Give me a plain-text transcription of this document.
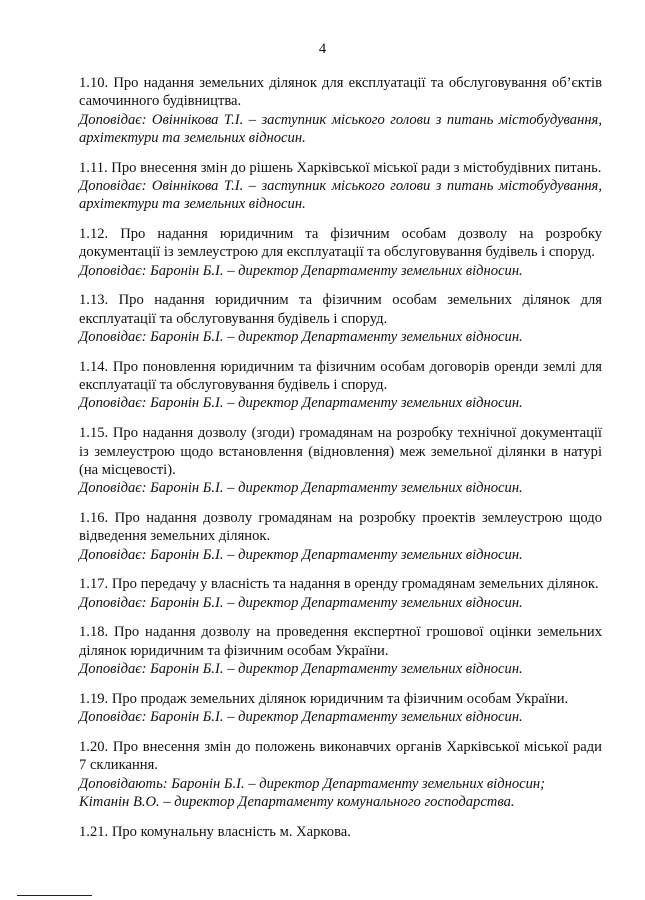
4

1.10. Про надання земельних ділянок для експлуатації та обслуговування об’єктів самочинного будівництва.

Доповідає: Овіннікова Т.І. – заступник міського голови з питань містобудування, архітектури та земельних відносин.

1.11. Про внесення змін до рішень Харківської міської ради з містобудівних питань.

Доповідає: Овіннікова Т.І. – заступник міського голови з питань містобудування, архітектури та земельних відносин.

1.12. Про надання юридичним та фізичним особам дозволу на розробку документації із землеустрою для експлуатації та обслуговування будівель і споруд.

Доповідає: Баронін Б.І. – директор Департаменту земельних відносин.

1.13. Про надання юридичним та фізичним особам земельних ділянок для експлуатації та обслуговування будівель і споруд.

Доповідає: Баронін Б.І. – директор Департаменту земельних відносин.

1.14. Про поновлення юридичним та фізичним особам договорів оренди землі для експлуатації та обслуговування будівель і споруд.

Доповідає: Баронін Б.І. – директор Департаменту земельних відносин.

1.15. Про надання дозволу (згоди) громадянам на розробку технічної документації із землеустрою щодо встановлення (відновлення) меж земельної ділянки в натурі (на місцевості).

Доповідає: Баронін Б.І. – директор Департаменту земельних відносин.

1.16. Про надання дозволу громадянам на розробку проектів землеустрою щодо відведення земельних ділянок.

Доповідає: Баронін Б.І. – директор Департаменту земельних відносин.

1.17. Про передачу у власність та надання в оренду громадянам земельних ділянок.

Доповідає: Баронін Б.І. – директор Департаменту земельних відносин.

1.18. Про надання дозволу на проведення експертної грошової оцінки земельних ділянок юридичним та фізичним особам України.

Доповідає: Баронін Б.І. – директор Департаменту земельних відносин.

1.19. Про продаж земельних ділянок юридичним та фізичним особам України.

Доповідає: Баронін Б.І. – директор Департаменту земельних відносин.

1.20. Про внесення змін до положень виконавчих органів Харківської міської ради 7 скликання.

Доповідають: Баронін Б.І. – директор Департаменту земельних відносин;

Кітанін В.О. – директор Департаменту комунального господарства.

1.21. Про комунальну власність м. Харкова.
